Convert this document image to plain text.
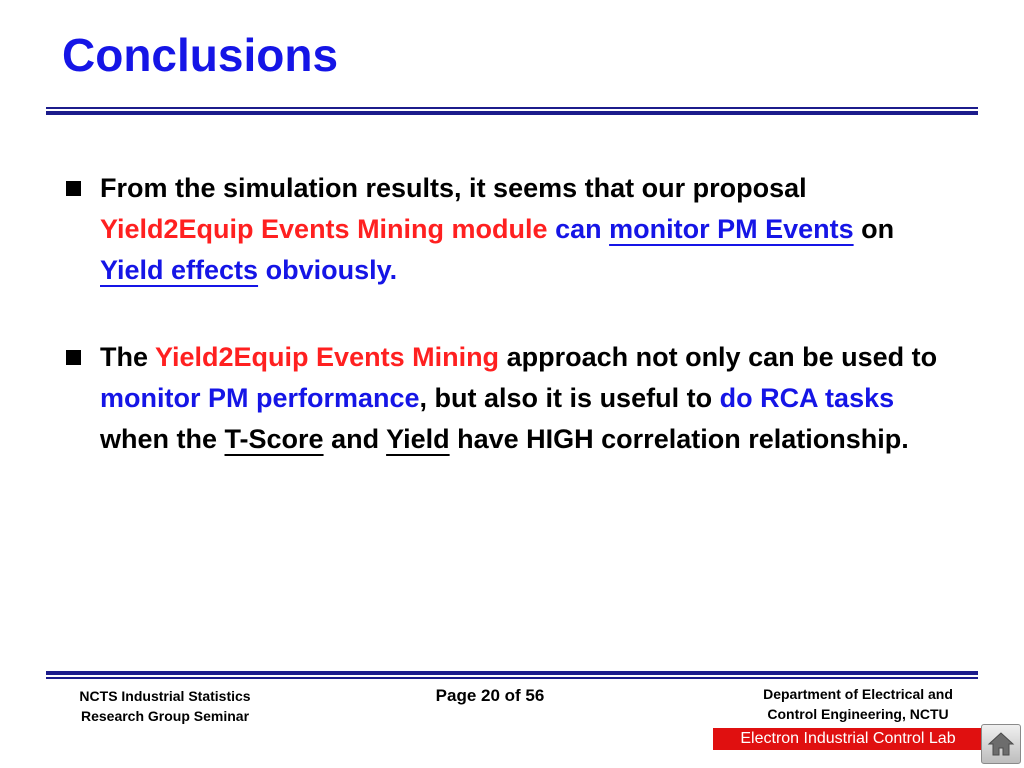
Conclusions
From the simulation results, it seems that our proposal Yield2Equip Events Mining module can monitor PM Events on Yield effects obviously.
The Yield2Equip Events Mining approach not only can be used to monitor PM performance, but also it is useful to do RCA tasks when the T-Score and Yield have HIGH correlation relationship.
NCTS Industrial Statistics
Research Group Seminar
Page 20 of 56	Department of Electrical and
Control Engineering, NCTU
Electron Industrial Control Lab
